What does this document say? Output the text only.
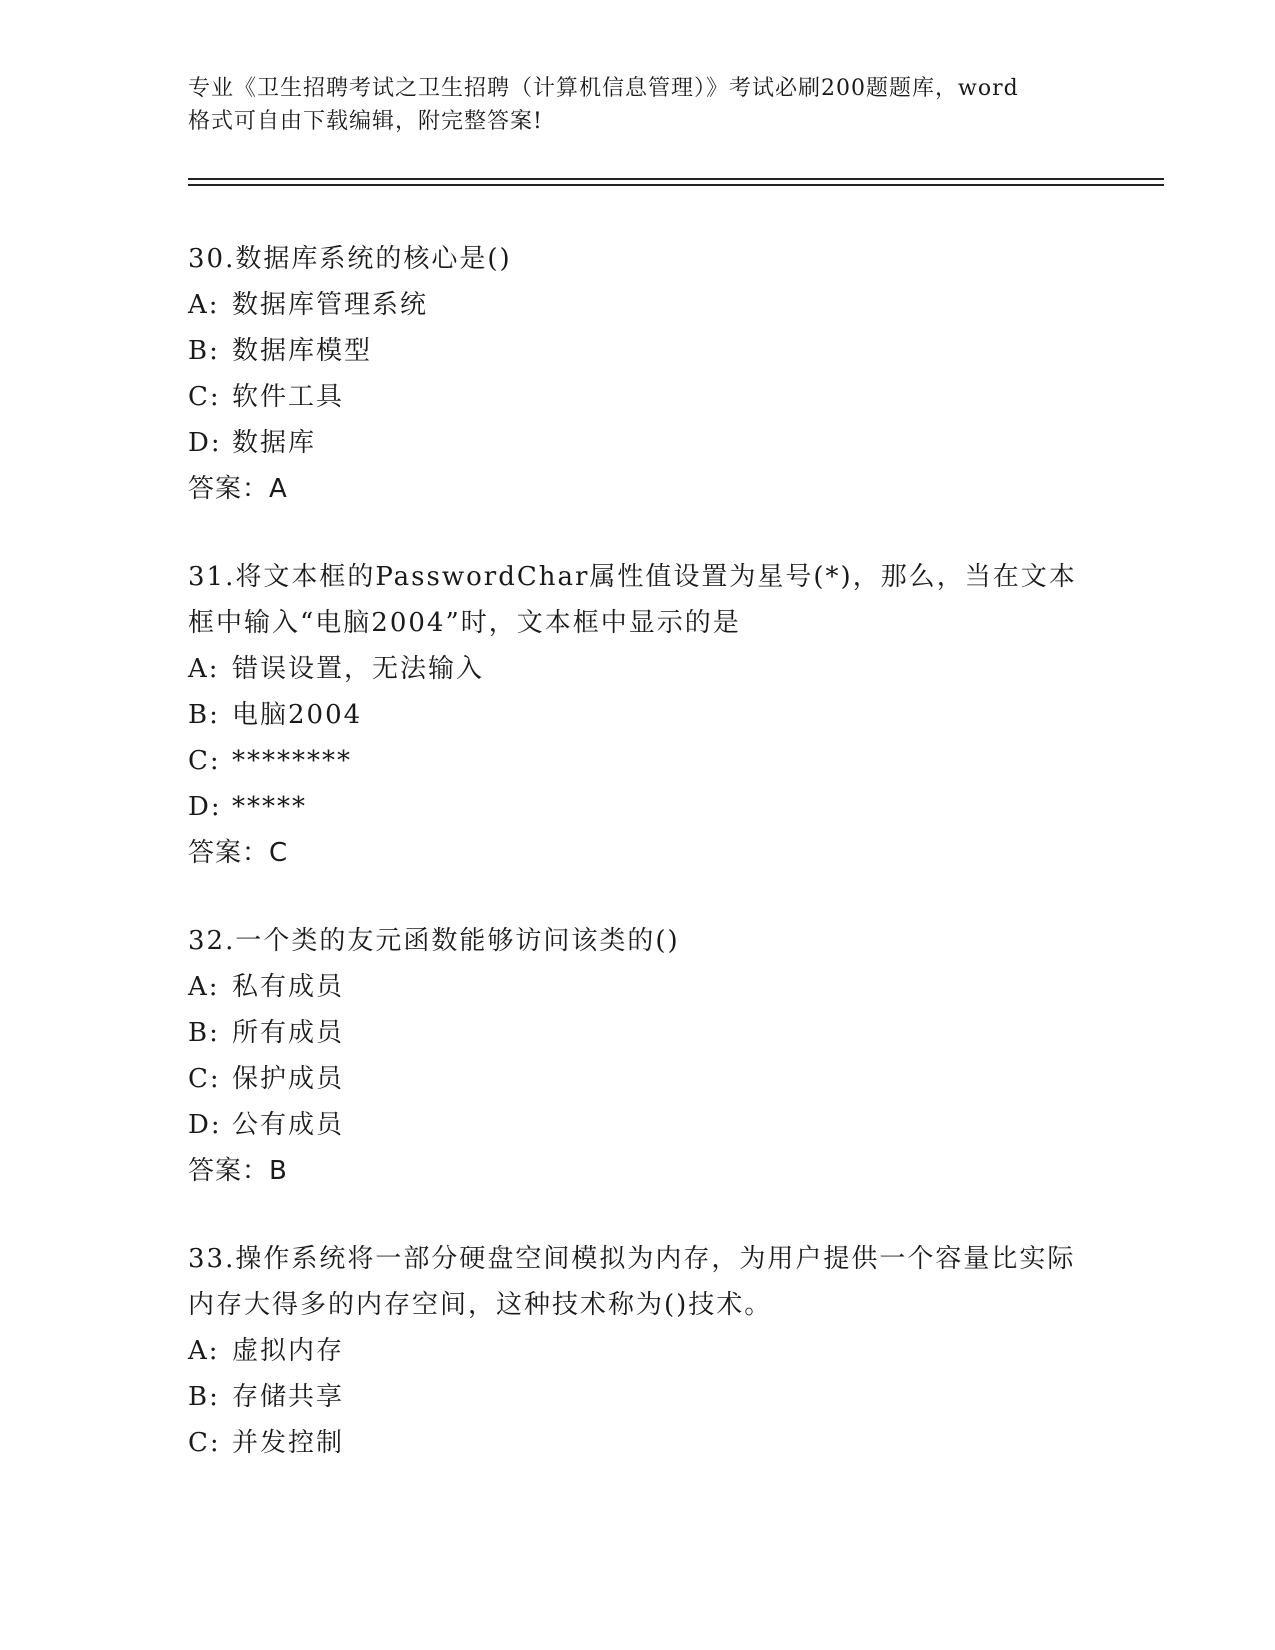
专业《卫生招聘考试之卫生招聘（计算机信息管理）》考试必刷200题题库，word
格式可自由下载编辑，附完整答案!
30.数据库系统的核心是()
A: 数据库管理系统
B: 数据库模型
C: 软件工具
D: 数据库
答案：A
31.将文本框的PasswordChar属性值设置为星号(*)，那么，当在文本框中输入“电脑2004”时，文本框中显示的是
A: 错误设置，无法输入
B: 电脑2004
C: ********
D: *****
答案：C
32.一个类的友元函数能够访问该类的()
A: 私有成员
B: 所有成员
C: 保护成员
D: 公有成员
答案：B
33.操作系统将一部分硬盘空间模拟为内存，为用户提供一个容量比实际内存大得多的内存空间，这种技术称为()技术。
A: 虚拟内存
B: 存储共享
C: 并发控制
